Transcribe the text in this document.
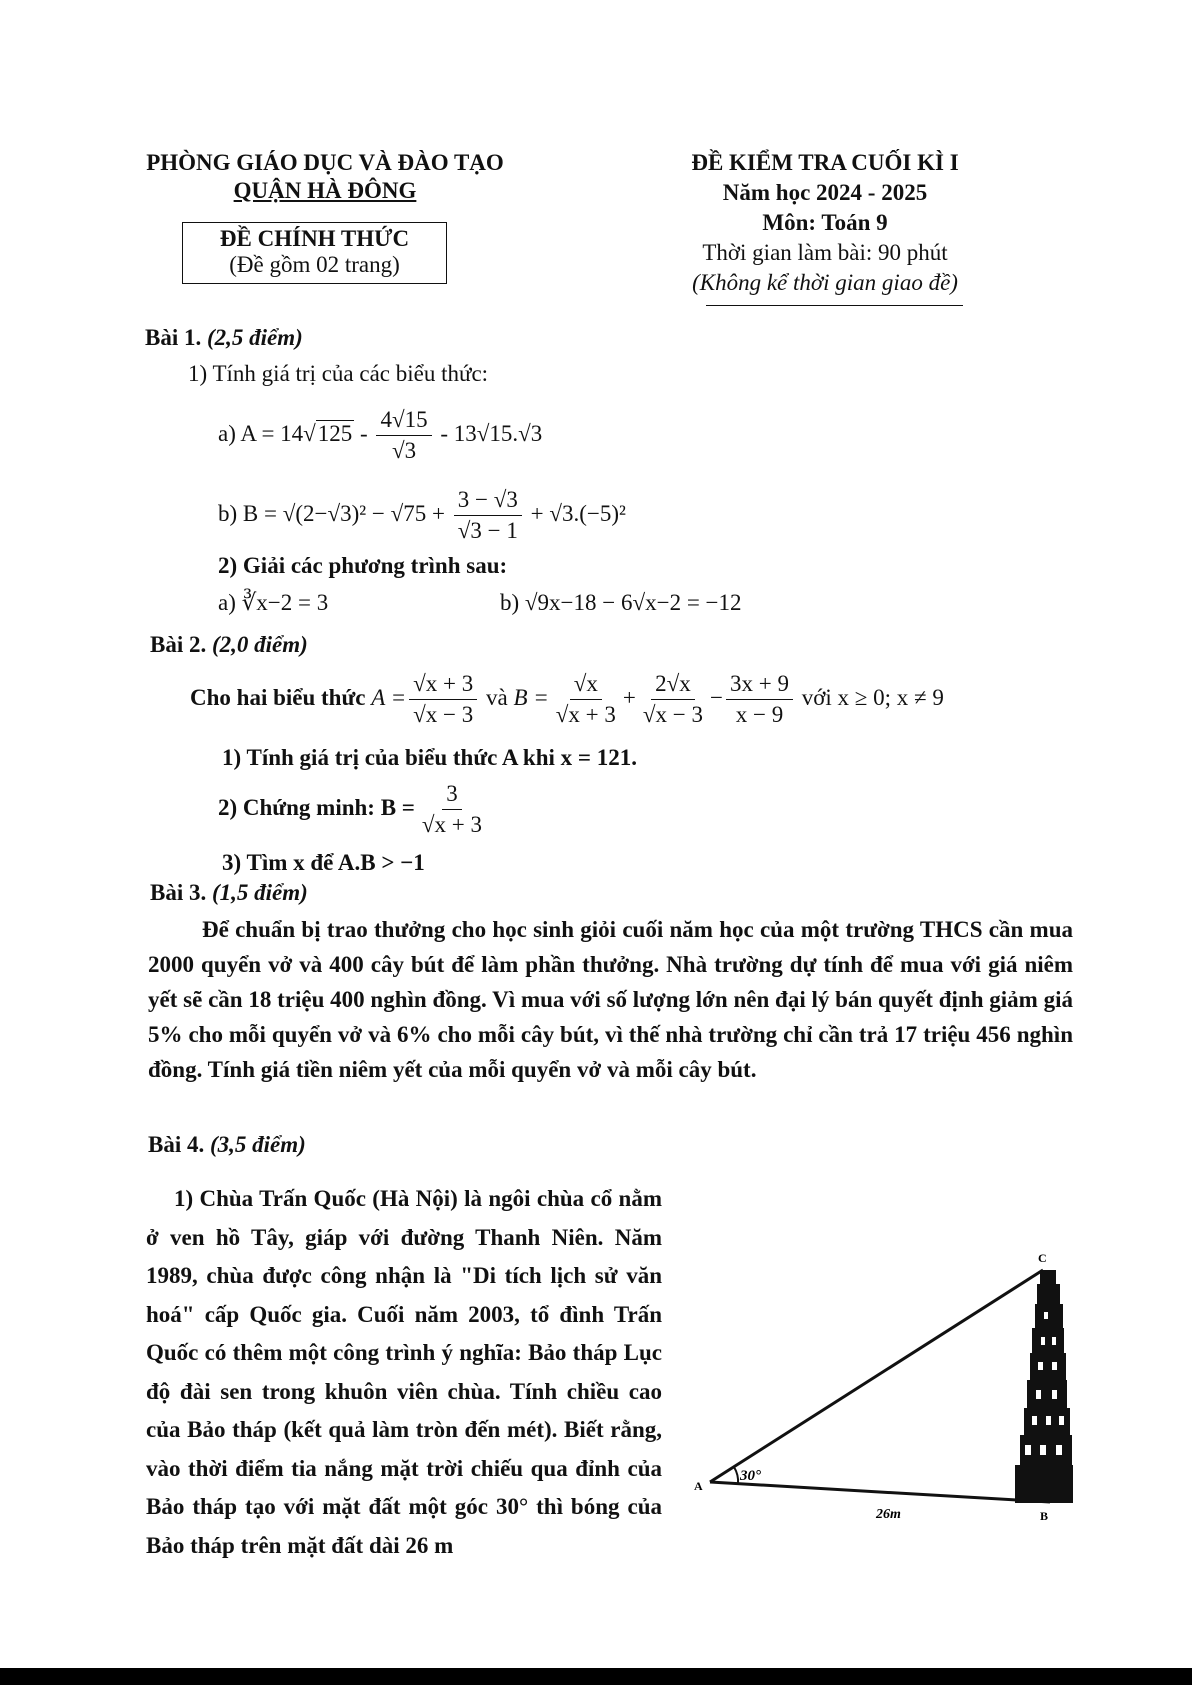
PHÒNG GIÁO DỤC VÀ ĐÀO TẠO
QUẬN HÀ ĐÔNG
ĐỀ CHÍNH THỨC
(Đề gồm 02 trang)
ĐỀ KIỂM TRA CUỐI KÌ I
Năm học 2024 - 2025
Môn: Toán 9
Thời gian làm bài: 90 phút
(Không kể thời gian giao đề)
Bài 1. (2,5 điểm)
1) Tính giá trị của các biểu thức:
a) $A = 14√125 - \frac{4√15}{√3} - 13√15.√3$
b) $B = √(2-√3)^2 - √75 + \frac{3 - √3}{√3 - 1} + √3.(-5)^2$
2) Giải các phương trình sau:
a) ∛x−2 = 3	b) √9x−18 − 6√x−2 = −12
Bài 2. (2,0 điểm)
Cho hai biểu thức $A = \frac{√x + 3}{√x - 3}$ và $B = \frac{√x}{√x + 3} + \frac{2√x}{√x - 3} - \frac{3x + 9}{x - 9}$ với x ≥ 0; x ≠ 9
1) Tính giá trị của biểu thức A khi x = 121.
2) Chứng minh: $B = \frac{3}{√x + 3}$
3) Tìm x để A.B > −1
Bài 3. (1,5 điểm)
Để chuẩn bị trao thưởng cho học sinh giỏi cuối năm học của một trường THCS cần mua 2000 quyển vở và 400 cây bút để làm phần thưởng. Nhà trường dự tính để mua với giá niêm yết sẽ cần 18 triệu 400 nghìn đồng. Vì mua với số lượng lớn nên đại lý bán quyết định giảm giá 5% cho mỗi quyển vở và 6% cho mỗi cây bút, vì thế nhà trường chỉ cần trả 17 triệu 456 nghìn đồng. Tính giá tiền niêm yết của mỗi quyển vở và mỗi cây bút.
Bài 4. (3,5 điểm)
1) Chùa Trấn Quốc (Hà Nội) là ngôi chùa cổ nằm ở ven hồ Tây, giáp với đường Thanh Niên. Năm 1989, chùa được công nhận là "Di tích lịch sử văn hoá" cấp Quốc gia. Cuối năm 2003, tổ đình Trấn Quốc có thêm một công trình ý nghĩa: Bảo tháp Lục độ đài sen trong khuôn viên chùa. Tính chiều cao của Bảo tháp (kết quả làm tròn đến mét). Biết rằng, vào thời điểm tia nắng mặt trời chiếu qua đỉnh của Bảo tháp tạo với mặt đất một góc 30° thì bóng của Bảo tháp trên mặt đất dài 26 m
30°
26m
A
B
C
